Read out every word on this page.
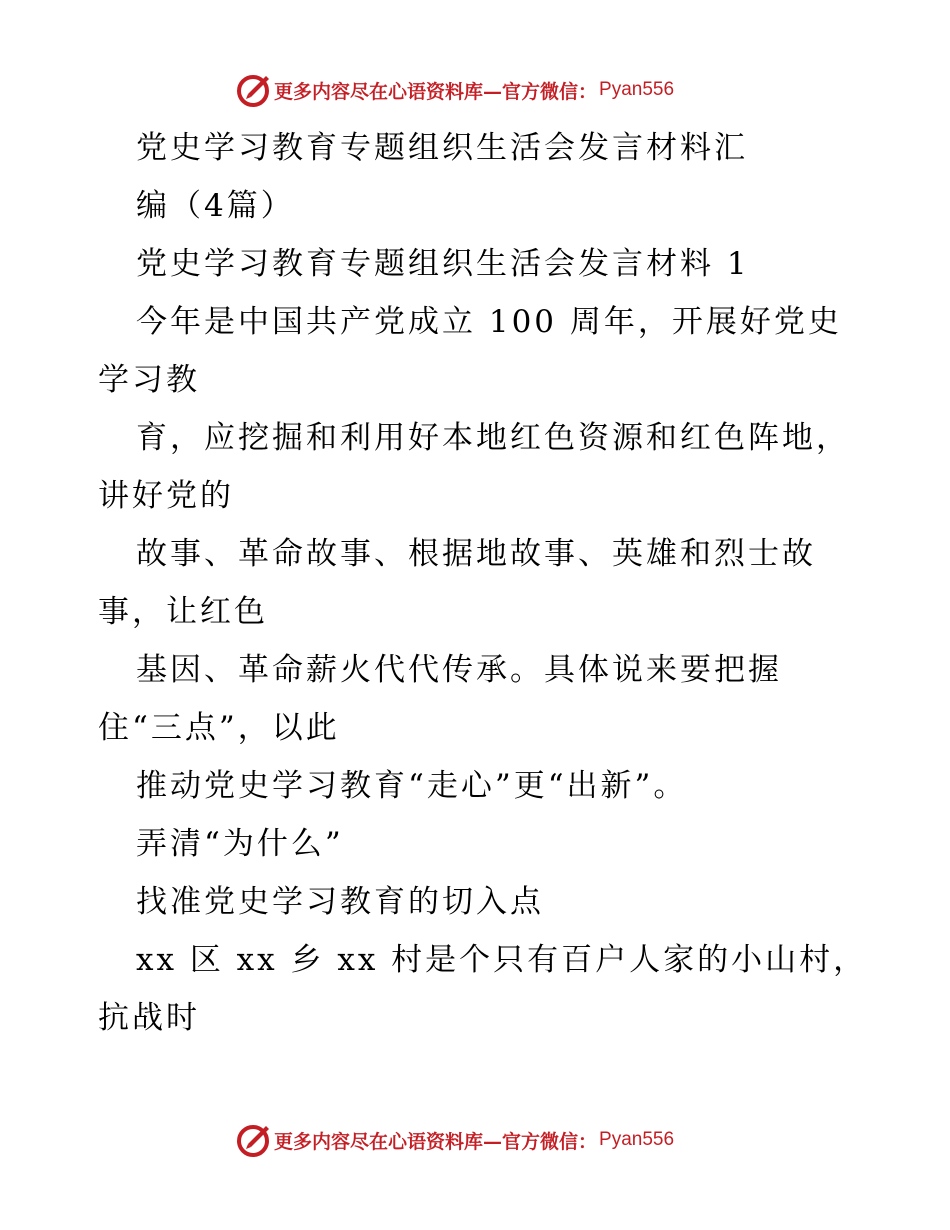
更多内容尽在心语资料库—官方微信： Pyan556
党史学习教育专题组织生活会发言材料汇
编（4篇）
党史学习教育专题组织生活会发言材料 1
今年是中国共产党成立 100 周年，开展好党史
学习教
育，应挖掘和利用好本地红色资源和红色阵地，
讲好党的
故事、革命故事、根据地故事、英雄和烈士故
事，让红色
基因、革命薪火代代传承。具体说来要把握
住“三点”，以此
推动党史学习教育“走心”更“出新”。
弄清“为什么”
找准党史学习教育的切入点
xx 区 xx 乡 xx 村是个只有百户人家的小山村，
抗战时
更多内容尽在心语资料库—官方微信： Pyan556
